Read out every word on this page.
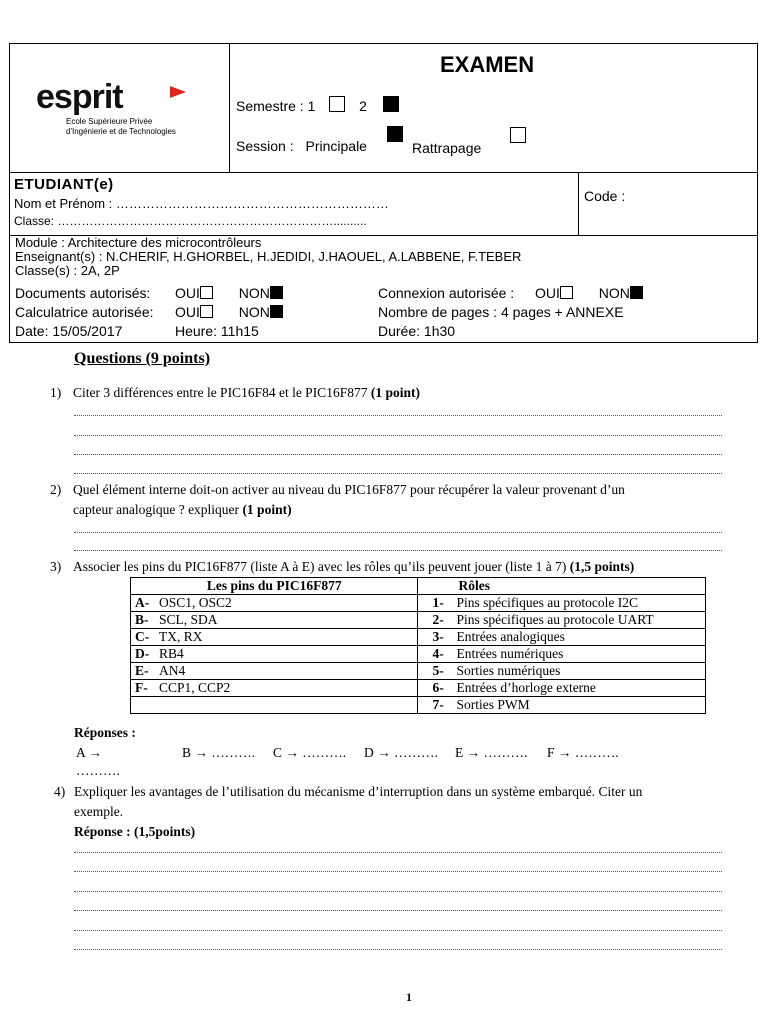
esprit
Ecole Supérieure Privée
d'Ingénierie et de Technologies
EXAMEN
Semestre : 1	2
Session : Principale	Rattrapage
ETUDIANT(e)
Nom et Prénom : ………………………………………………………
Classe: ……………………………………………………………..........
Code :
Module : Architecture des microcontrôleurs
Enseignant(s) : N.CHERIF, H.GHORBEL, H.JEDIDI, J.HAOUEL, A.LABBENE, F.TEBER
Classe(s) : 2A, 2P
Documents autorisés: OUI	NON	Connexion autorisée : OUI	NON
Calculatrice autorisée: OUI	NON	Nombre de pages : 4 pages + ANNEXE
Date: 15/05/2017	Heure: 11h15	Durée: 1h30
Questions (9 points)
1) Citer 3 différences entre le PIC16F84 et le PIC16F877 (1 point)
2) Quel élément interne doit-on activer au niveau du PIC16F877 pour récupérer la valeur provenant d’un
capteur analogique ? expliquer (1 point)
3) Associer les pins du PIC16F877 (liste A à E) avec les rôles qu’ils peuvent jouer (liste 1 à 7) (1,5 points)
Les pins du PIC16F877	Rôles
A- OSC1, OSC2	1- Pins spécifiques au protocole I2C
B- SCL, SDA	2- Pins spécifiques au protocole UART
C- TX, RX	3- Entrées analogiques
D- RB4	4- Entrées numériques
E- AN4	5- Sorties numériques
F- CCP1, CCP2	6- Entrées d’horloge externe
	7- Sorties PWM
Réponses :
A → ……….
B → ………. C → ………. D → ………. E → ………. F → ……….
4) Expliquer les avantages de l’utilisation du mécanisme d’interruption dans un système embarqué. Citer un
exemple.
Réponse : (1,5points)
1
